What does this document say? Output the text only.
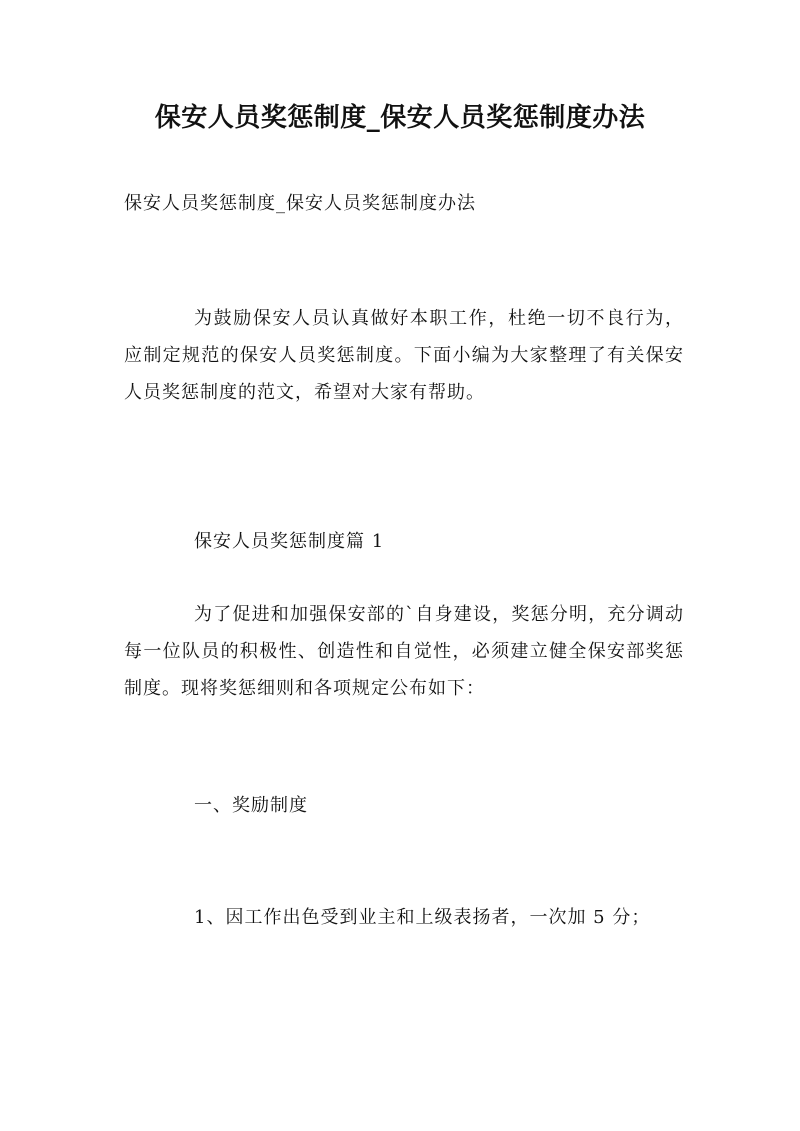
保安人员奖惩制度_保安人员奖惩制度办法

保安人员奖惩制度_保安人员奖惩制度办法

为鼓励保安人员认真做好本职工作，杜绝一切不良行为，应制定规范的保安人员奖惩制度。下面小编为大家整理了有关保安人员奖惩制度的范文，希望对大家有帮助。

保安人员奖惩制度篇 1

为了促进和加强保安部的`自身建设，奖惩分明，充分调动每一位队员的积极性、创造性和自觉性，必须建立健全保安部奖惩制度。现将奖惩细则和各项规定公布如下：

一、奖励制度

1、因工作出色受到业主和上级表扬者，一次加 5 分；
